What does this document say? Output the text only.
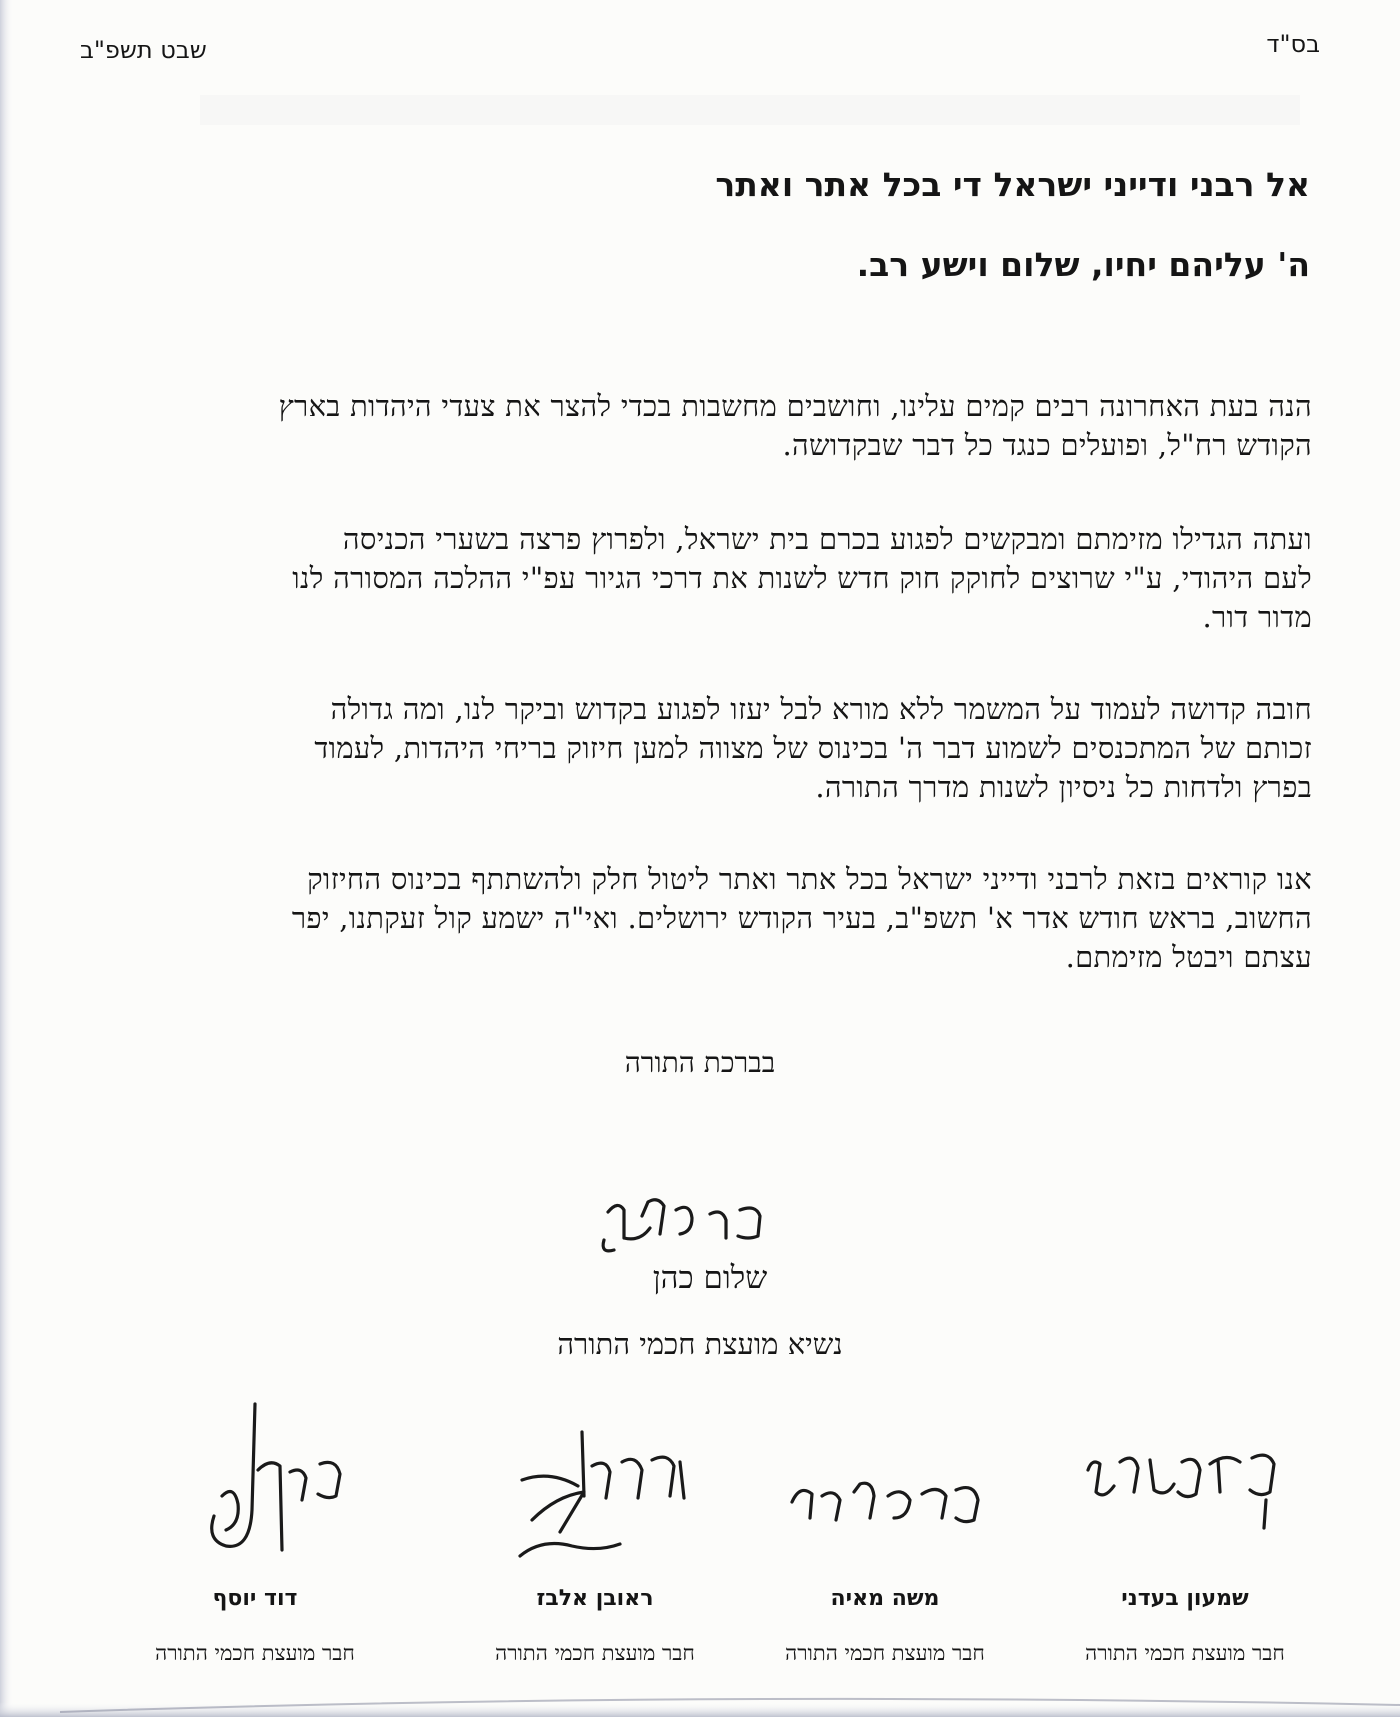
בס"ד
שבט תשפ"ב
אל רבני ודייני ישראל די בכל אתר ואתר
ה' עליהם יחיו, שלום וישע רב.
הנה בעת האחרונה רבים קמים עלינו, וחושבים מחשבות בכדי להצר את צעדי היהדות בארץ
הקודש רח"ל, ופועלים כנגד כל דבר שבקדושה.
ועתה הגדילו מזימתם ומבקשים לפגוע בכרם בית ישראל, ולפרוץ פרצה בשערי הכניסה
לעם היהודי, ע"י שרוצים לחוקק חוק חדש לשנות את דרכי הגיור עפ"י ההלכה המסורה לנו
מדור דור.
חובה קדושה לעמוד על המשמר ללא מורא לבל יעזו לפגוע בקדוש וביקר לנו, ומה גדולה
זכותם של המתכנסים לשמוע דבר ה' בכינוס של מצווה למען חיזוק בריחי היהדות, לעמוד
בפרץ ולדחות כל ניסיון לשנות מדרך התורה.
אנו קוראים בזאת לרבני ודייני ישראל בכל אתר ואתר ליטול חלק ולהשתתף בכינוס החיזוק
החשוב, בראש חודש אדר א' תשפ"ב, בעיר הקודש ירושלים. ואי"ה ישמע קול זעקתנו, יפר
עצתם ויבטל מזימתם.
בברכת התורה
שלום כהן
נשיא מועצת חכמי התורה
שמעון בעדני
חבר מועצת חכמי התורה
משה מאיה
חבר מועצת חכמי התורה
ראובן אלבז
חבר מועצת חכמי התורה
דוד יוסף
חבר מועצת חכמי התורה
